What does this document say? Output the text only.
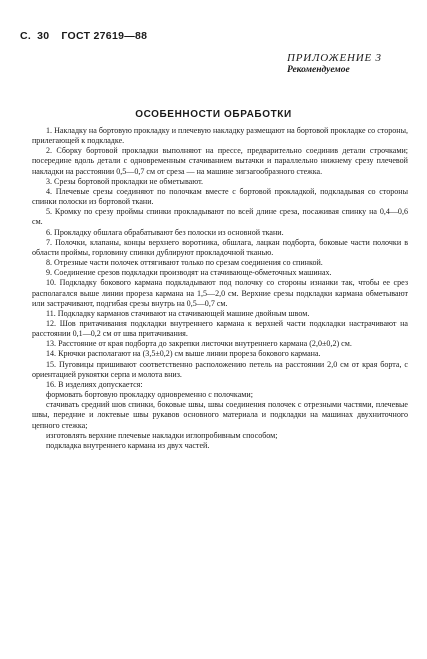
С. 30 ГОСТ 27619—88
ПРИЛОЖЕНИЕ 3
Рекомендуемое
ОСОБЕННОСТИ ОБРАБОТКИ

1. Накладку на бортовую прокладку и плечевую накладку размещают на бортовой прокладке со стороны, прилегающей к подкладке.

2. Сборку бортовой прокладки выполняют на прессе, предварительно соединив детали строчками; посередине вдоль детали с одновременным стачиванием вытачки и параллельно нижнему срезу плечевой накладки на расстоянии 0,5—0,7 см от среза — на машине зигзагообразного стежка.

3. Срезы бортовой прокладки не обметывают.

4. Плечевые срезы соединяют по полочкам вместе с бортовой прокладкой, подкладывая со стороны спинки полоски из бортовой ткани.

5. Кромку по срезу проймы спинки прокладывают по всей длине среза, посаживая спинку на 0,4—0,6 см.

6. Прокладку обшлага обрабатывают без полоски из основной ткани.

7. Полочки, клапаны, концы верхнего воротника, обшлага, лацкан подборта, боковые части полочки в области проймы, горловину спинки дублируют прокладочной тканью.

8. Отрезные части полочек оттягивают только по срезам соединения со спинкой.

9. Соединение срезов подкладки производят на стачивающе-обметочных машинах.

10. Подкладку бокового кармана подкладывают под полочку со стороны изнанки так, чтобы ее срез располагался выше линии прореза кармана на 1,5—2,0 см. Верхние срезы подкладки кармана обметывают или застрачивают, подгибая срезы внутрь на 0,5—0,7 см.

11. Подкладку карманов стачивают на стачивающей машине двойным швом.

12. Шов притачивания подкладки внутреннего кармана к верхней части подкладки настрачивают на расстоянии 0,1—0,2 см от шва притачивания.

13. Расстояние от края подборта до закрепки листочки внутреннего кармана (2,0±0,2) см.

14. Крючки располагают на (3,5±0,2) см выше линии прореза бокового кармана.

15. Пуговицы пришивают соответственно расположению петель на расстоянии 2,0 см от края борта, с ориентацией рукоятки серпа и молота вниз.

16. В изделиях допускается:

формовать бортовую прокладку одновременно с полочками;

стачивать средний шов спинки, боковые швы, швы соединения полочек с отрезными частями, плечевые швы, передние и локтевые швы рукавов основного материала и подкладки на машинах двухниточного цепного стежка;

изготовлять верхние плечевые накладки иглопробивным способом;

подкладка внутреннего кармана из двух частей.
